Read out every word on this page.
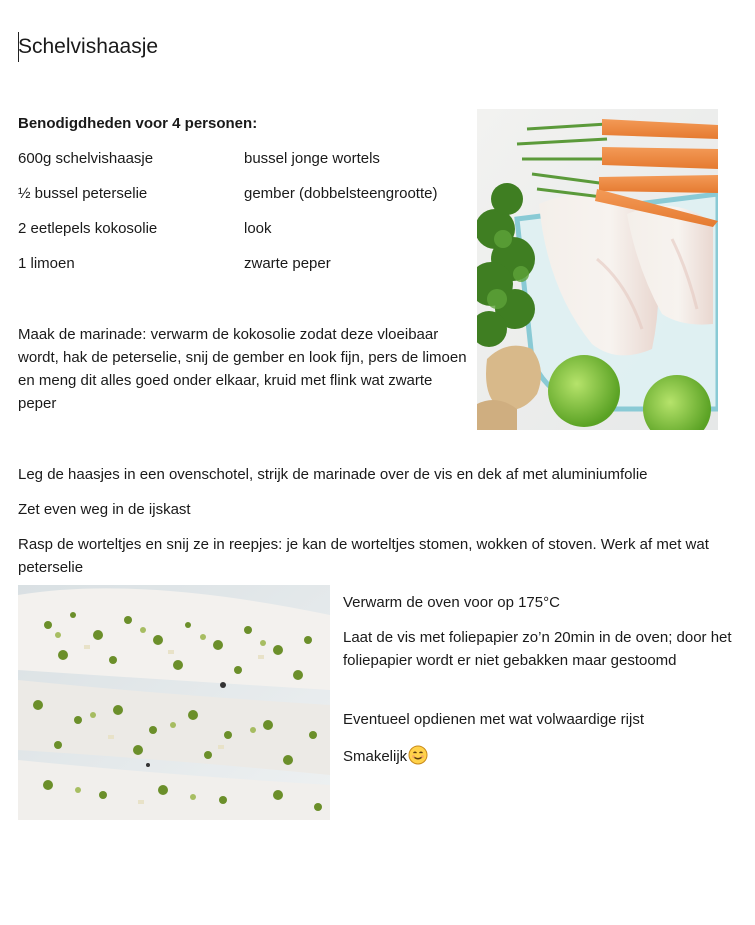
Schelvishaasje

Benodigdheden voor 4 personen:

600g schelvishaasje
½ bussel peterselie
2 eetlepels kokosolie
1 limoen
bussel jonge wortels
gember (dobbelsteengrootte)
look
zwarte peper

Maak de marinade: verwarm de kokosolie zodat deze vloeibaar wordt, hak de peterselie, snij de gember en look fijn, pers de limoen en meng dit alles goed onder elkaar, kruid met flink wat zwarte peper

Leg de haasjes in een ovenschotel, strijk de marinade over de vis en dek af met aluminiumfolie

Zet even weg in de ijskast

Rasp de worteltjes en snij ze in reepjes: je kan de worteltjes stomen, wokken of stoven. Werk af met wat peterselie

Verwarm de oven voor op 175°C

Laat de vis met foliepapier zo’n 20min in de oven; door het foliepapier wordt er niet gebakken maar gestoomd

Eventueel opdienen met wat volwaardige rijst

Smakelijk
